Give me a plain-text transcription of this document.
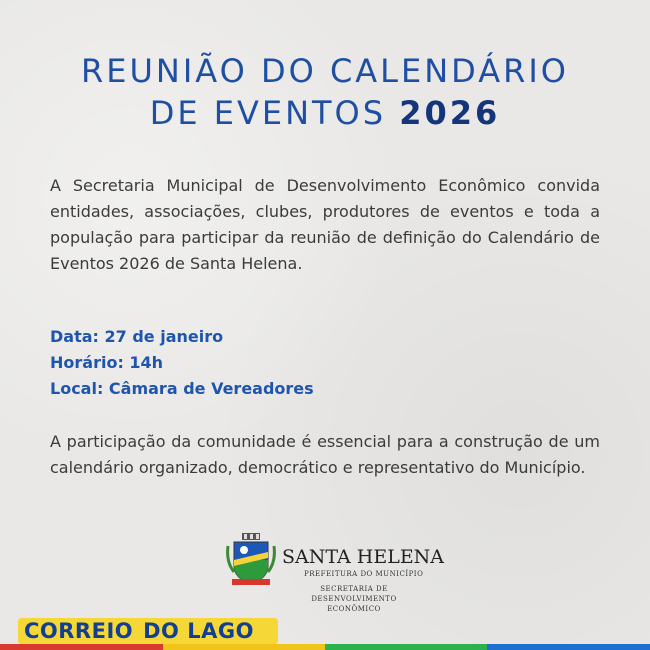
REUNIÃO DO CALENDÁRIO
DE EVENTOS 2026

A Secretaria Municipal de Desenvolvimento Econômico convida entidades, associações, clubes, produtores de eventos e toda a população para participar da reunião de definição do Calendário de Eventos 2026 de Santa Helena.

Data: 27 de janeiro
Horário: 14h
Local: Câmara de Vereadores

A participação da comunidade é essencial para a construção de um calendário organizado, democrático e representativo do Município.

SANTA HELENA
PREFEITURA DO MUNICÍPIO
SECRETARIA DE
DESENVOLVIMENTO ECONÔMICO
CORREIO DO LAGO
